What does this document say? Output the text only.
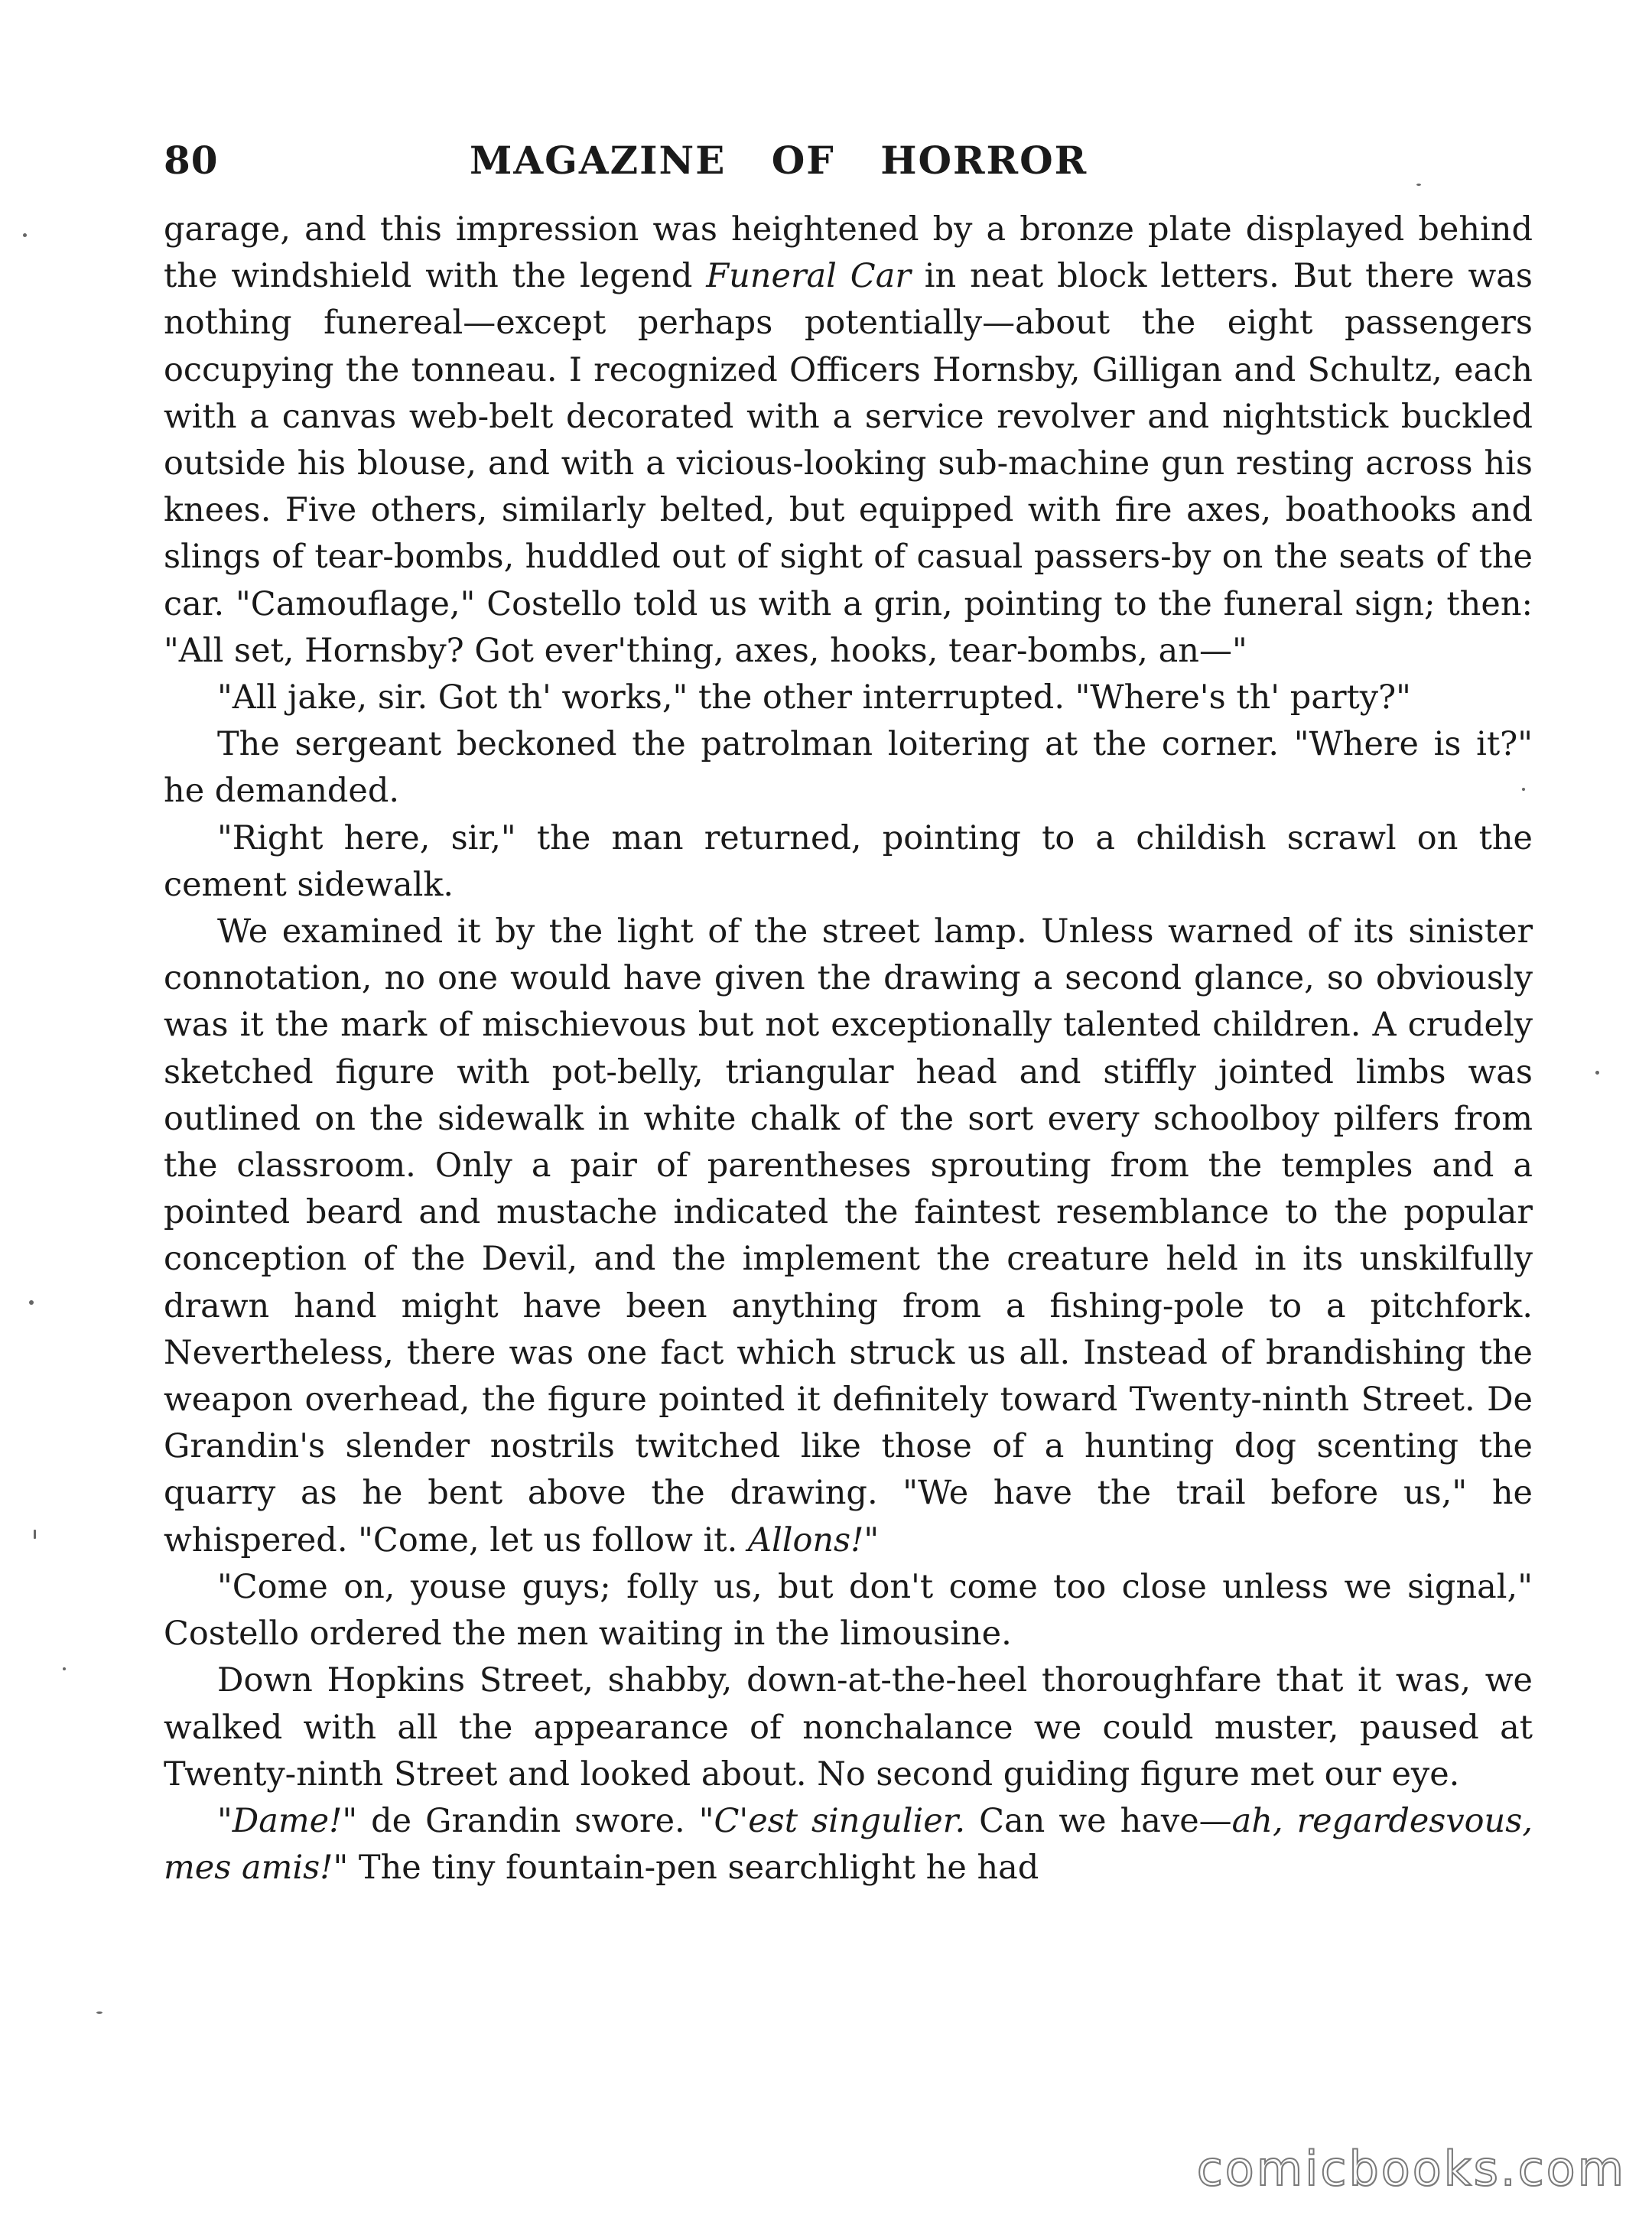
80	MAGAZINE OF HORROR

garage, and this impression was heightened by a bronze plate displayed behind the windshield with the legend Funeral Car in neat block letters. But there was nothing funereal—except perhaps potentially—about the eight passengers occupying the tonneau. I recognized Officers Hornsby, Gilligan and Schultz, each with a canvas web-belt decorated with a service revolver and nightstick buckled outside his blouse, and with a vicious-looking sub-machine gun resting across his knees. Five others, similarly belted, but equipped with fire axes, boathooks and slings of tear-bombs, huddled out of sight of casual passers-by on the seats of the car. "Camouflage," Costello told us with a grin, pointing to the funeral sign; then: "All set, Hornsby? Got ever'thing, axes, hooks, tear-bombs, an—"

"All jake, sir. Got th' works," the other interrupted. "Where's th' party?"

The sergeant beckoned the patrolman loitering at the corner. "Where is it?" he demanded.

"Right here, sir," the man returned, pointing to a childish scrawl on the cement sidewalk.

We examined it by the light of the street lamp. Unless warned of its sinister connotation, no one would have given the drawing a second glance, so obviously was it the mark of mischievous but not exceptionally talented children. A crudely sketched figure with pot-belly, triangular head and stiffly jointed limbs was outlined on the sidewalk in white chalk of the sort every schoolboy pilfers from the classroom. Only a pair of parentheses sprouting from the temples and a pointed beard and mustache indicated the faintest resemblance to the popular conception of the Devil, and the implement the creature held in its unskilfully drawn hand might have been anything from a fishing-pole to a pitchfork. Nevertheless, there was one fact which struck us all. Instead of brandishing the weapon overhead, the figure pointed it definitely toward Twenty-ninth Street. De Grandin's slender nostrils twitched like those of a hunting dog scenting the quarry as he bent above the drawing. "We have the trail before us," he whispered. "Come, let us follow it. Allons!"

"Come on, youse guys; folly us, but don't come too close unless we signal," Costello ordered the men waiting in the limousine.

Down Hopkins Street, shabby, down-at-the-heel thoroughfare that it was, we walked with all the appearance of nonchalance we could muster, paused at Twenty-ninth Street and looked about. No second guiding figure met our eye.

"Dame!" de Grandin swore. "C'est singulier. Can we have—ah, regardesvous, mes amis!" The tiny fountain-pen searchlight he had

comicbooks.com
